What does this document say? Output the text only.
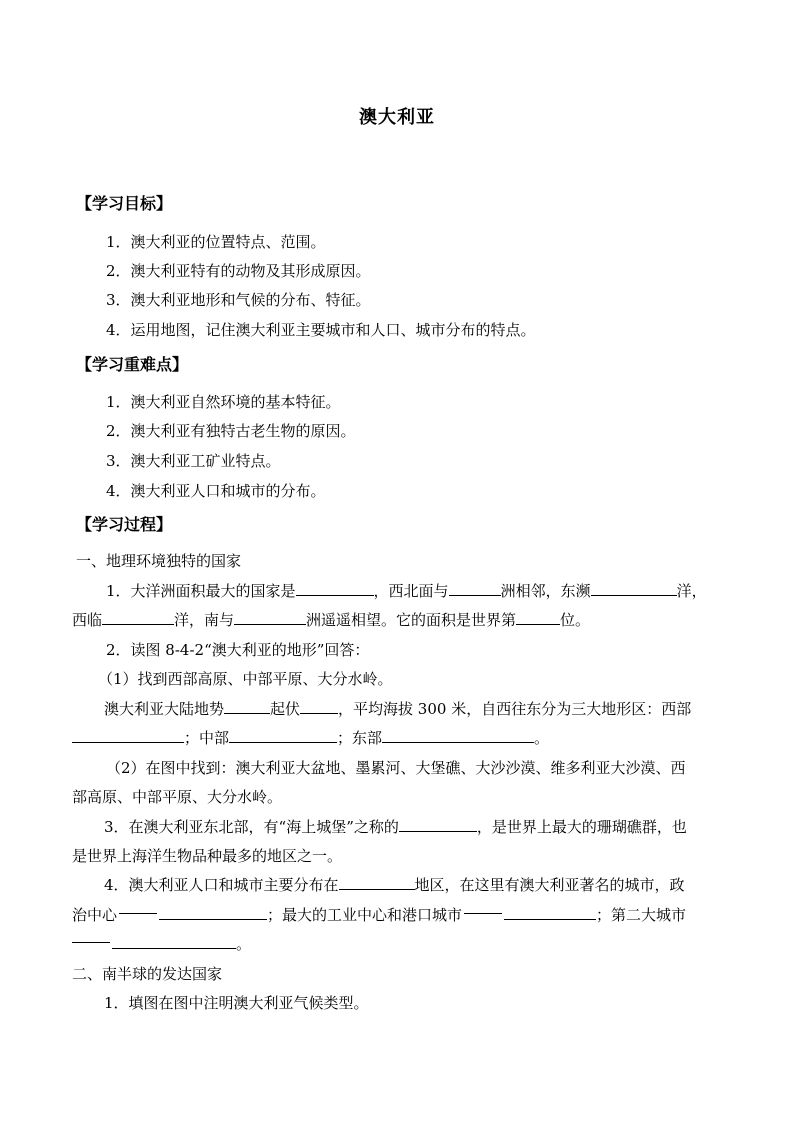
澳大利亚
【学习目标】
1．澳大利亚的位置特点、范围。
2．澳大利亚特有的动物及其形成原因。
3．澳大利亚地形和气候的分布、特征。
4．运用地图，记住澳大利亚主要城市和人口、城市分布的特点。
【学习重难点】
1．澳大利亚自然环境的基本特征。
2．澳大利亚有独特古老生物的原因。
3．澳大利亚工矿业特点。
4．澳大利亚人口和城市的分布。
【学习过程】
一、地理环境独特的国家
1．大洋洲面积最大的国家是	，西北面与	洲相邻，东濒	洋，
西临	洋，南与	洲遥遥相望。它的面积是世界第	位。
2．读图 8-4-2“澳大利亚的地形”回答：
（1）找到西部高原、中部平原、大分水岭。
澳大利亚大陆地势	起伏	，平均海拔 300 米，自西往东分为三大地形区：西部
；中部	；东部	。
（2）在图中找到：澳大利亚大盆地、墨累河、大堡礁、大沙沙漠、维多利亚大沙漠、西
部高原、中部平原、大分水岭。
3．在澳大利亚东北部，有“海上城堡”之称的	，是世界上最大的珊瑚礁群，也
是世界上海洋生物品种最多的地区之一。
4．澳大利亚人口和城市主要分布在	地区，在这里有澳大利亚著名的城市，政
治中心	；最大的工业中心和港口城市	；第二大城市
。
二、南半球的发达国家
1．填图在图中注明澳大利亚气候类型。
